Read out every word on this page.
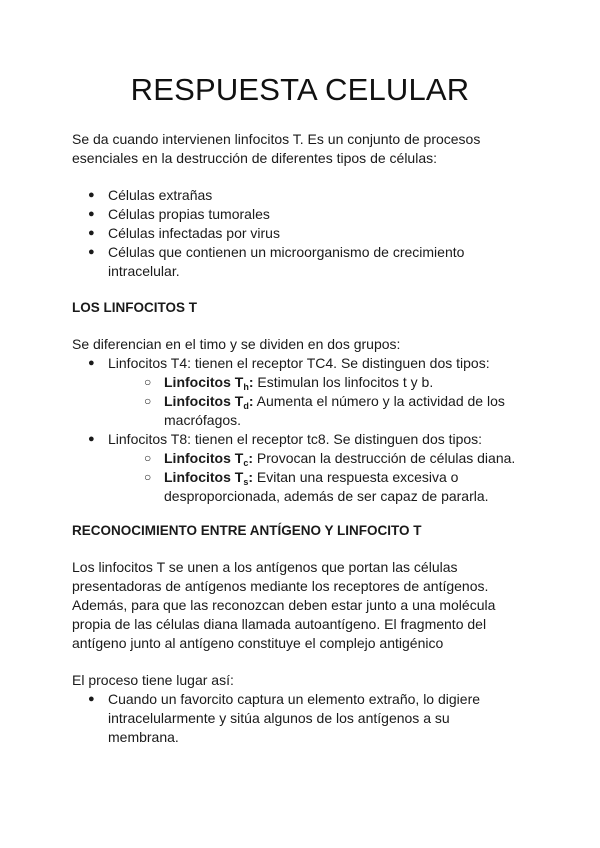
RESPUESTA CELULAR

Se da cuando intervienen linfocitos T. Es un conjunto de procesos esenciales en la destrucción de diferentes tipos de células:

● Células extrañas
● Células propias tumorales
● Células infectadas por virus
● Células que contienen un microorganismo de crecimiento intracelular.
LOS LINFOCITOS T

Se diferencian en el timo y se dividen en dos grupos:

● Linfocitos T4: tienen el receptor TC4. Se distinguen dos tipos:
○ Linfocitos $T_h$: Estimulan los linfocitos t y b.
○ Linfocitos $T_d$: Aumenta el número y la actividad de los macrófagos.
● Linfocitos T8: tienen el receptor tc8. Se distinguen dos tipos:
○ Linfocitos $T_c$: Provocan la destrucción de células diana.
○ Linfocitos $T_s$: Evitan una respuesta excesiva o desproporcionada, además de ser capaz de pararla.
RECONOCIMIENTO ENTRE ANTÍGENO Y LINFOCITO T

Los linfocitos T se unen a los antígenos que portan las células presentadoras de antígenos mediante los receptores de antígenos. Además, para que las reconozcan deben estar junto a una molécula propia de las células diana llamada autoantígeno. El fragmento del antígeno junto al antígeno constituye el complejo antigénico

El proceso tiene lugar así:

● Cuando un favorcito captura un elemento extraño, lo digiere intracelularmente y sitúa algunos de los antígenos a su membrana.
